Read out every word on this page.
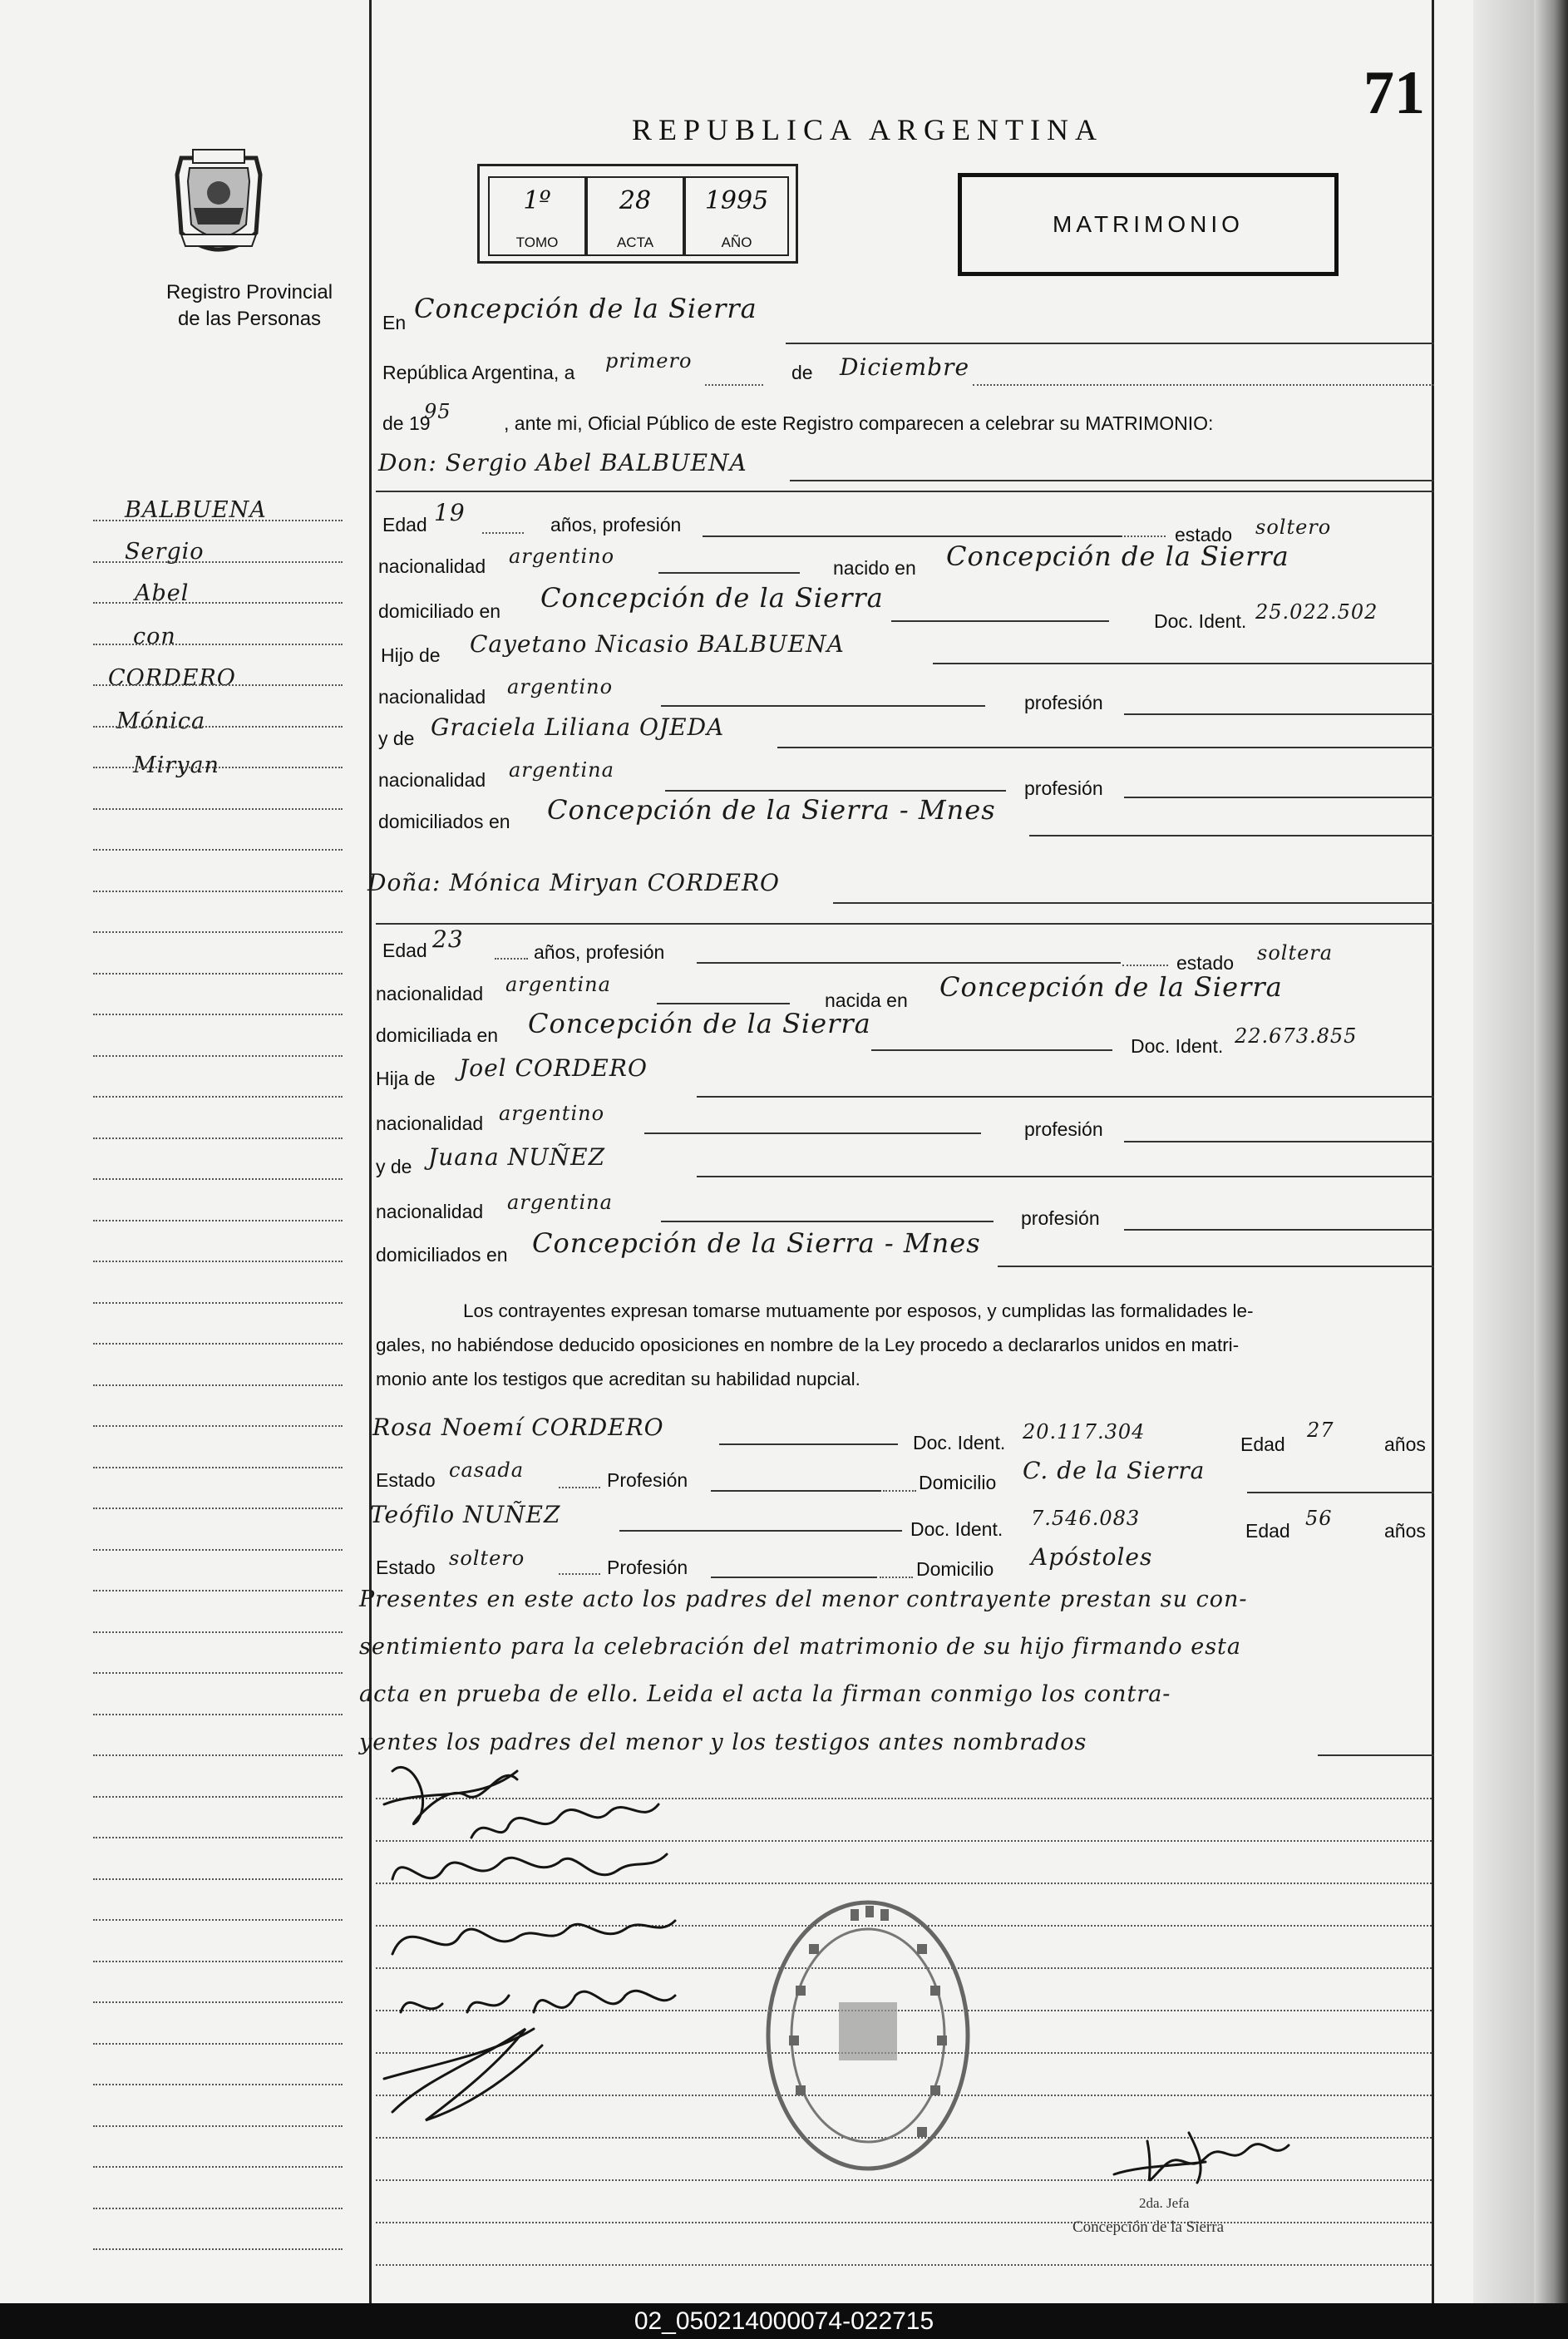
71
REPUBLICA ARGENTINA
Registro Provincial
de las Personas
1º
TOMO
28
ACTA
1995
AÑO
MATRIMONIO
BALBUENA
Sergio
Abel
con
CORDERO
Mónica
Miryan
En Concepción de la Sierra
República Argentina, a primero	de Diciembre
de 19
95	, ante mi, Oficial Público de este Registro comparecen a celebrar su MATRIMONIO:
Don: Sergio Abel BALBUENA
Edad 19	años, profesión	estado soltero
nacionalidad argentino	nacido en Concepción de la Sierra
domiciliado en Concepción de la Sierra
Doc. Ident. 25.022.502
Hijo de Cayetano Nicasio BALBUENA
nacionalidad argentino
profesión
y de Graciela Liliana OJEDA
nacionalidad argentina
profesión
domiciliados en Concepción de la Sierra - Mnes
Doña: Mónica Miryan CORDERO
Edad 23	años, profesión	estado soltera
nacionalidad argentina
nacida en Concepción de la Sierra
domiciliada en Concepción de la Sierra
Doc. Ident. 22.673.855
Hija de Joel CORDERO
nacionalidad argentino
profesión
y de Juana NUÑEZ
nacionalidad argentina
profesión
domiciliados en Concepción de la Sierra - Mnes
Los contrayentes expresan tomarse mutuamente por esposos, y cumplidas las formalidades le-
gales, no habiéndose deducido oposiciones en nombre de la Ley procedo a declararlos unidos en matri-
monio ante los testigos que acreditan su habilidad nupcial.
Rosa Noemí CORDERO
Doc. Ident. 20.117.304
Edad
27
años
Estado casada	Profesión	Domicilio C. de la Sierra
Teófilo NUÑEZ
Doc. Ident. 7.546.083
Edad
56
años
Estado soltero	Profesión	Domicilio Apóstoles
Presentes en este acto los padres del menor contrayente prestan su con-
sentimiento para la celebración del matrimonio de su hijo firmando esta
acta en prueba de ello. Leida el acta la firman conmigo los contra-
yentes los padres del menor y los testigos antes nombrados
2da. Jefa
Concepción de la Sierra
02_050214000074-022715
